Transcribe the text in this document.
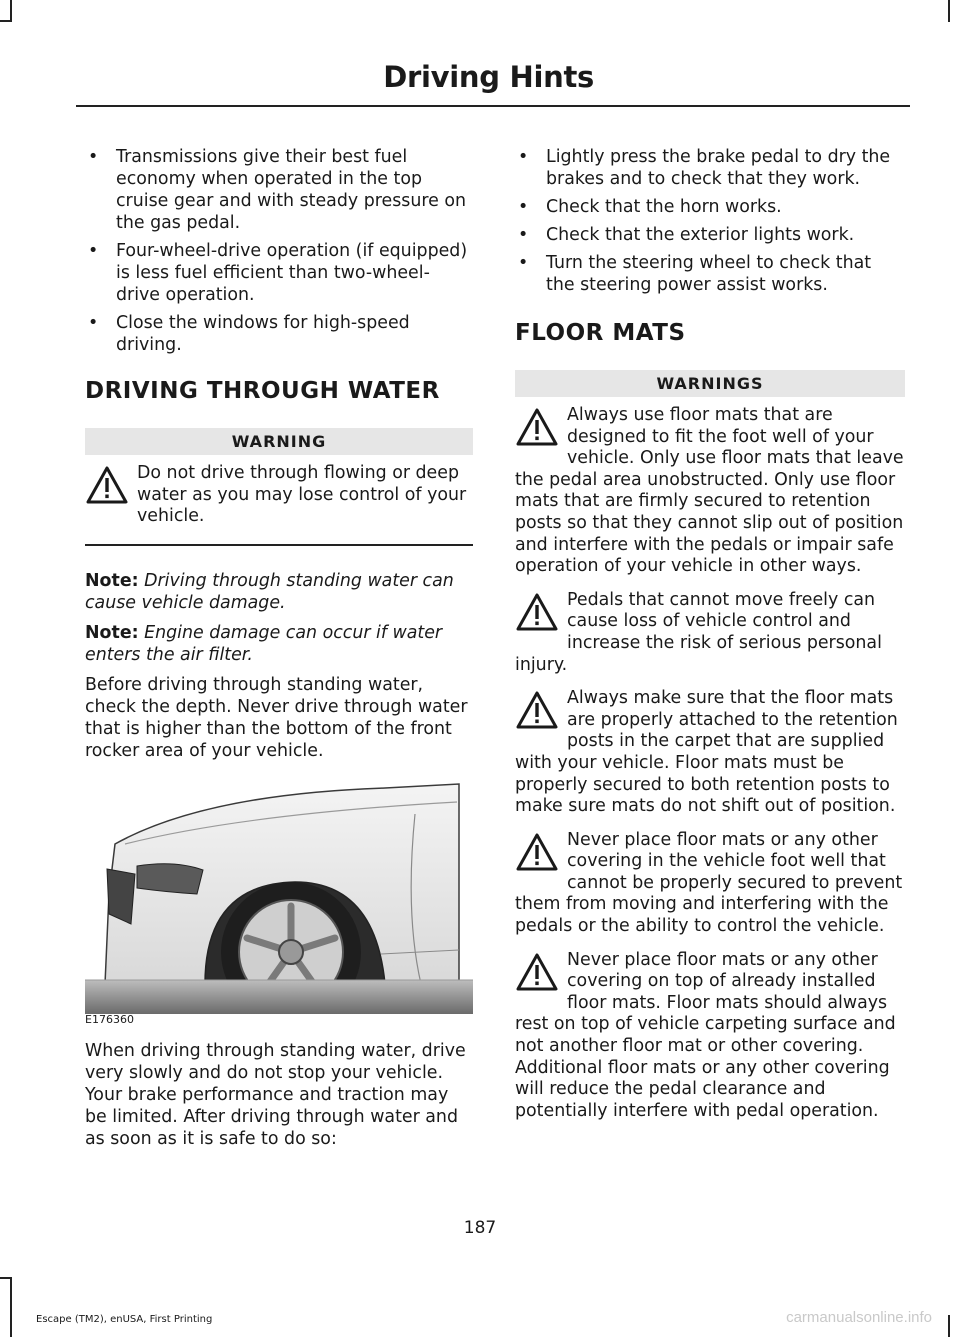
Driving Hints
• Transmissions give their best fuel economy when operated in the top cruise gear and with steady pressure on the gas pedal.
• Four-wheel-drive operation (if equipped) is less fuel efficient than two-wheel-drive operation.
• Close the windows for high-speed driving.
DRIVING THROUGH WATER
WARNING

Do not drive through flowing or deep water as you may lose control of your vehicle.

Note: Driving through standing water can cause vehicle damage.

Note: Engine damage can occur if water enters the air filter.

Before driving through standing water, check the depth. Never drive through water that is higher than the bottom of the front rocker area of your vehicle.

E176360

When driving through standing water, drive very slowly and do not stop your vehicle. Your brake performance and traction may be limited. After driving through water and as soon as it is safe to do so:

• Lightly press the brake pedal to dry the brakes and to check that they work.
• Check that the horn works.
• Check that the exterior lights work.
• Turn the steering wheel to check that the steering power assist works.
FLOOR MATS
WARNINGS

Always use floor mats that are designed to fit the foot well of your vehicle. Only use floor mats that leave the pedal area unobstructed. Only use floor mats that are firmly secured to retention posts so that they cannot slip out of position and interfere with the pedals or impair safe operation of your vehicle in other ways.

Pedals that cannot move freely can cause loss of vehicle control and increase the risk of serious personal injury.

Always make sure that the floor mats are properly attached to the retention posts in the carpet that are supplied with your vehicle. Floor mats must be properly secured to both retention posts to make sure mats do not shift out of position.

Never place floor mats or any other covering in the vehicle foot well that cannot be properly secured to prevent them from moving and interfering with the pedals or the ability to control the vehicle.

Never place floor mats or any other covering on top of already installed floor mats. Floor mats should always rest on top of vehicle carpeting surface and not another floor mat or other covering. Additional floor mats or any other covering will reduce the pedal clearance and potentially interfere with pedal operation.

187
Escape (TM2), enUSA, First Printing	carmanualsonline.info
